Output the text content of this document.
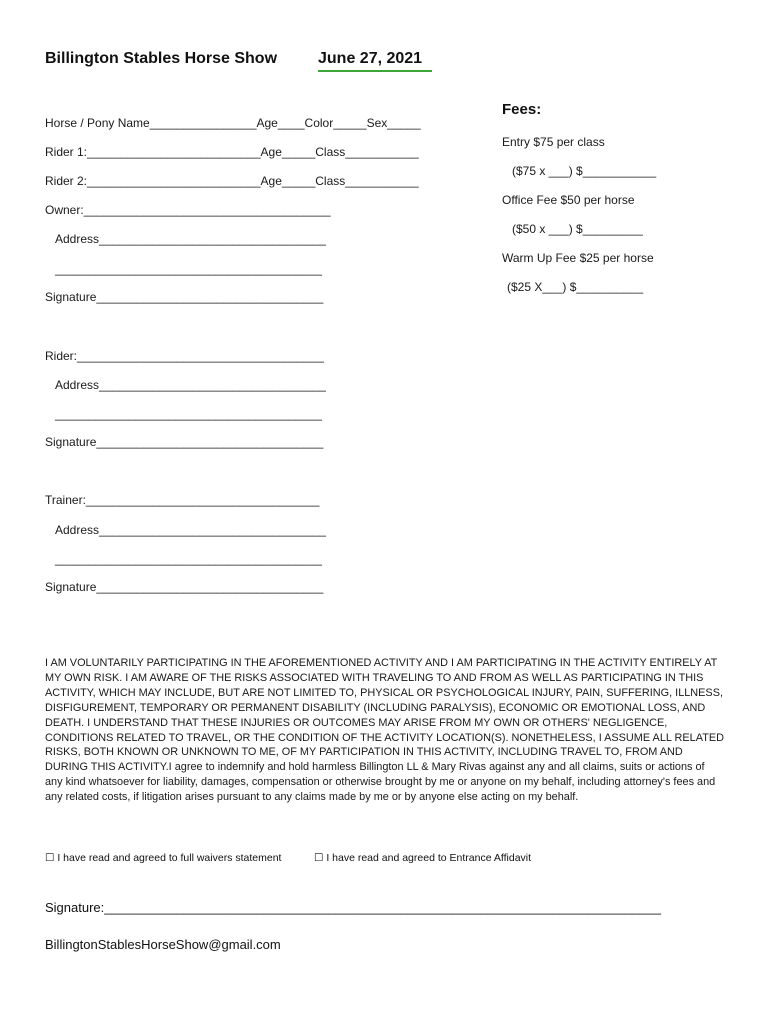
Billington Stables Horse Show	June 27, 2021
Horse / Pony Name________________Age____Color_____Sex_____
Rider 1:__________________________Age_____Class___________
Rider 2:__________________________Age_____Class___________
Owner:_____________________________________
Address__________________________________
________________________________________
Signature__________________________________
Rider:_____________________________________
Address__________________________________
________________________________________
Signature__________________________________
Trainer:___________________________________
Address__________________________________
________________________________________
Signature__________________________________
Fees:
Entry $75 per class
($75 x ___) $___________
Office Fee $50 per horse
($50 x ___) $_________
Warm Up Fee $25 per horse
($25 X___) $__________
I AM VOLUNTARILY PARTICIPATING IN THE AFOREMENTIONED ACTIVITY AND I AM PARTICIPATING IN THE ACTIVITY ENTIRELY AT MY OWN RISK. I AM AWARE OF THE RISKS ASSOCIATED WITH TRAVELING TO AND FROM AS WELL AS PARTICIPATING IN THIS ACTIVITY, WHICH MAY INCLUDE, BUT ARE NOT LIMITED TO, PHYSICAL OR PSYCHOLOGICAL INJURY, PAIN, SUFFERING, ILLNESS, DISFIGUREMENT, TEMPORARY OR PERMANENT DISABILITY (INCLUDING PARALYSIS), ECONOMIC OR EMOTIONAL LOSS, AND DEATH. I UNDERSTAND THAT THESE INJURIES OR OUTCOMES MAY ARISE FROM MY OWN OR OTHERS' NEGLIGENCE, CONDITIONS RELATED TO TRAVEL, OR THE CONDITION OF THE ACTIVITY LOCATION(S). NONETHELESS, I ASSUME ALL RELATED RISKS, BOTH KNOWN OR UNKNOWN TO ME, OF MY PARTICIPATION IN THIS ACTIVITY, INCLUDING TRAVEL TO, FROM AND DURING THIS ACTIVITY.I agree to indemnify and hold harmless Billington LL & Mary Rivas against any and all claims, suits or actions of any kind whatsoever for liability, damages, compensation or otherwise brought by me or anyone on my behalf, including attorney's fees and any related costs, if litigation arises pursuant to any claims made by me or by anyone else acting on my behalf.
☐ I have read and agreed to full waivers statement	☐ I have read and agreed to Entrance Affidavit
Signature:_____________________________________________________________________________
BillingtonStablesHorseShow@gmail.com
